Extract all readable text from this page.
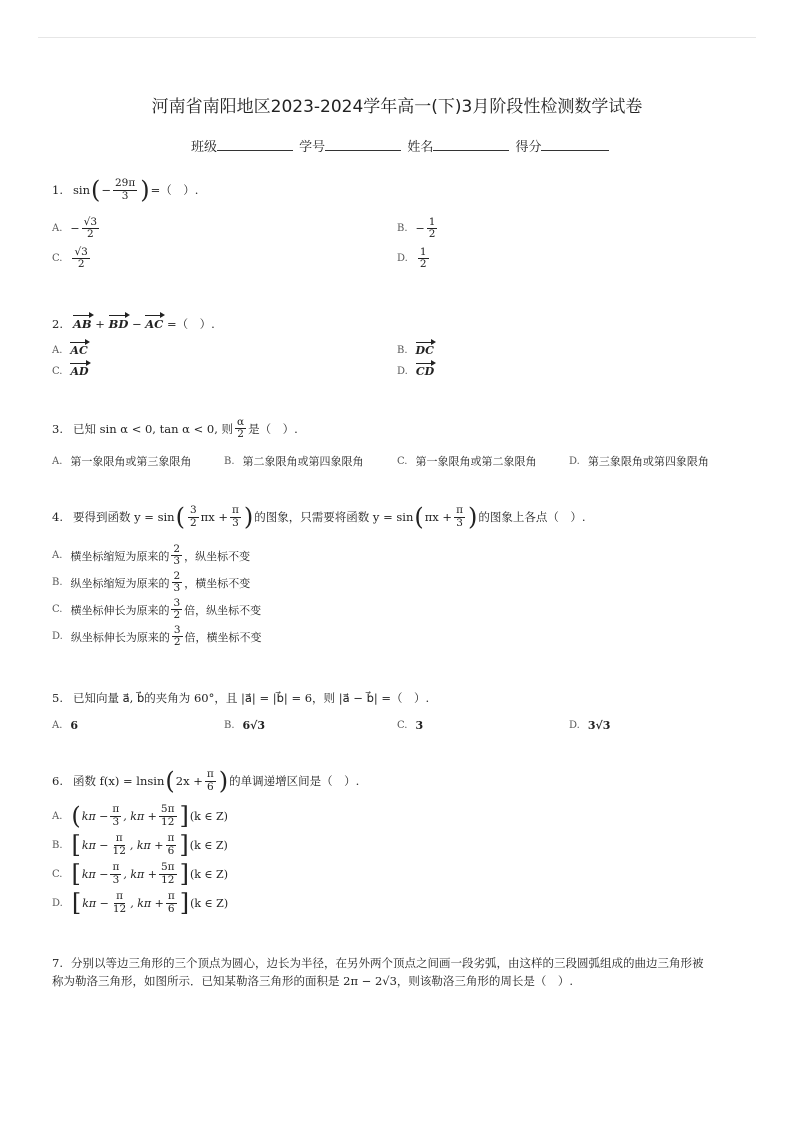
河南省南阳地区2023-2024学年高一(下)3月阶段性检测数学试卷
班级	学号	姓名	得分
1. sin ( − $\frac{29\pi}{3}$ ) =（　）.
A. − $\frac{√3}{2}$	B. − $\frac{1}{2}$
C. $\frac{√3}{2}$	D. $\frac{1}{2}$
2. AB
+
BD
−
AC
=（　）.
A. AC	B. DC
C. AD	D. CD
3. 已知 sin α < 0, tan α < 0, 则 $\frac{\alpha}{2}$ 是（　）.
A. 第一象限角或第三象限角	B. 第二象限角或第四象限角	C. 第一象限角或第二象限角	D. 第三象限角或第四象限角
4. 要得到函数 y = sin ( $\frac{3}{2}$ $\pi x + \frac{\pi}{3}$ ) 的图象，只需要将函数 y = sin ( $\pi x + \frac{\pi}{3}$ ) 的图象上各点（　）.
A. 横坐标缩短为原来的 $\frac{2}{3}$ ，纵坐标不变
B. 纵坐标缩短为原来的 $\frac{2}{3}$ ，横坐标不变
C. 横坐标伸长为原来的 $\frac{3}{2}$ 倍，纵坐标不变
D. 纵坐标伸长为原来的 $\frac{3}{2}$ 倍，横坐标不变
5. 已知向量 a⃗, b⃗的夹角为 60°，且 |a⃗| = |b⃗| = 6，则 |a⃗ − b⃗| =（　）.
A. 6	B. 6√3	C. 3	D. 3√3
6. 函数 f(x) = lnsin ( $2x + \frac{\pi}{6}$ ) 的单调递增区间是（　）.
A. ( $k\pi - \frac{\pi}{3}$ , $k\pi + \frac{5\pi}{12}$ ] (k ∈ Z)
B. [ $k\pi - \frac{\pi}{12}$ , $k\pi + \frac{\pi}{6}$ ] (k ∈ Z)
C. [ $k\pi - \frac{\pi}{3}$ , $k\pi + \frac{5\pi}{12}$ ] (k ∈ Z)
D. [ $k\pi - \frac{\pi}{12}$ , $k\pi + \frac{\pi}{6}$ ] (k ∈ Z)
7. 分别以等边三角形的三个顶点为圆心，边长为半径，在另外两个顶点之间画一段劣弧，由这样的三段圆弧组成的曲边三角形被
称为勒洛三角形，如图所示．已知某勒洛三角形的面积是 2π − 2√3，则该勒洛三角形的周长是（　）.
